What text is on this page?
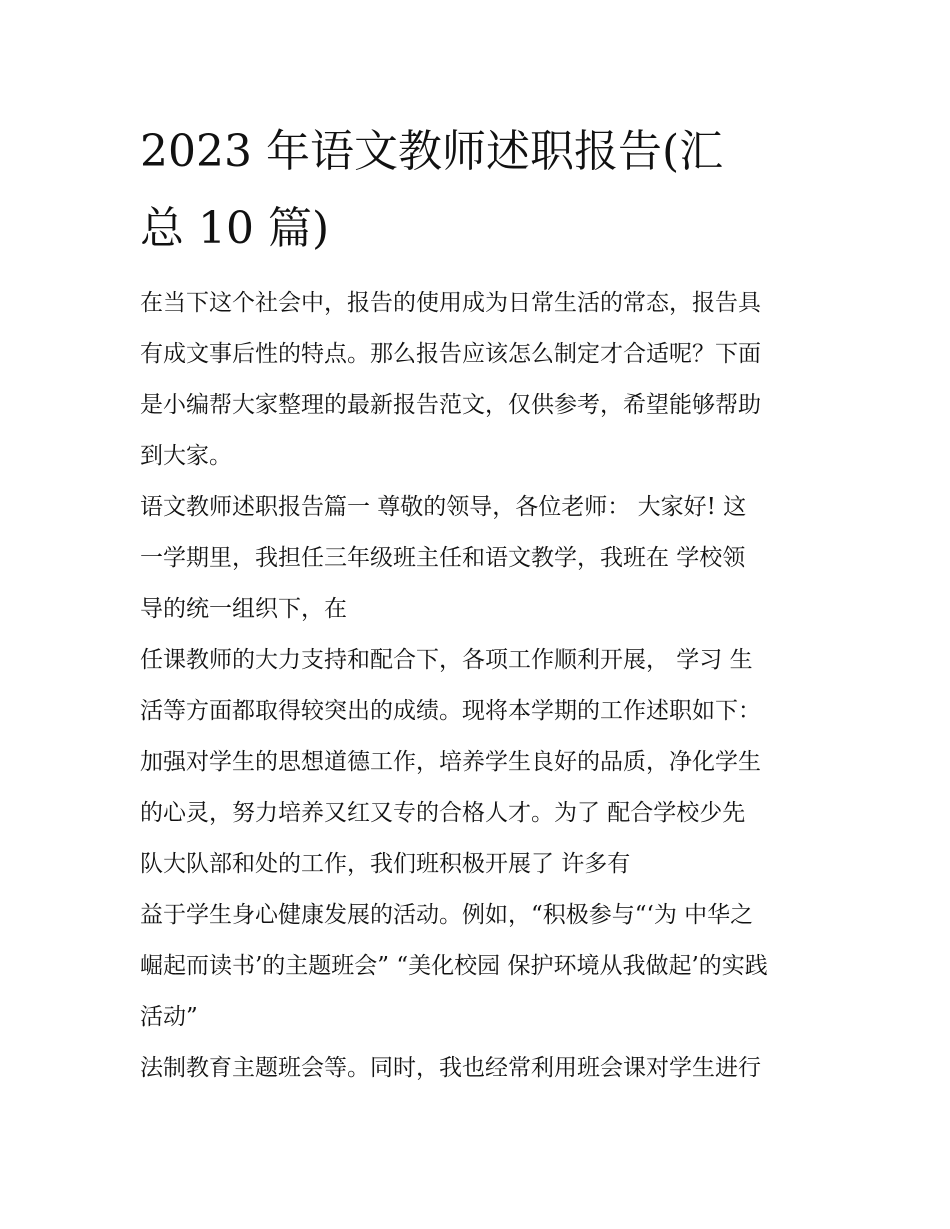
2023 年语文教师述职报告(汇
总 10 篇)
在当下这个社会中，报告的使用成为日常生活的常态，报告具
有成文事后性的特点。那么报告应该怎么制定才合适呢？下面
是小编帮大家整理的最新报告范文，仅供参考，希望能够帮助
到大家。
语文教师述职报告篇一 尊敬的领导，各位老师： 大家好! 这
一学期里，我担任三年级班主任和语文教学，我班在 学校领
导的统一组织下，在
任课教师的大力支持和配合下，各项工作顺利开展， 学习 生
活等方面都取得较突出的成绩。现将本学期的工作述职如下：
加强对学生的思想道德工作，培养学生良好的品质，净化学生
的心灵，努力培养又红又专的合格人才。为了 配合学校少先
队大队部和处的工作，我们班积极开展了 许多有
益于学生身心健康发展的活动。例如，“积极参与“‘为 中华之
崛起而读书’的主题班会” “美化校园 保护环境从我做起’的实践
活动”
法制教育主题班会等。同时，我也经常利用班会课对学生进行
